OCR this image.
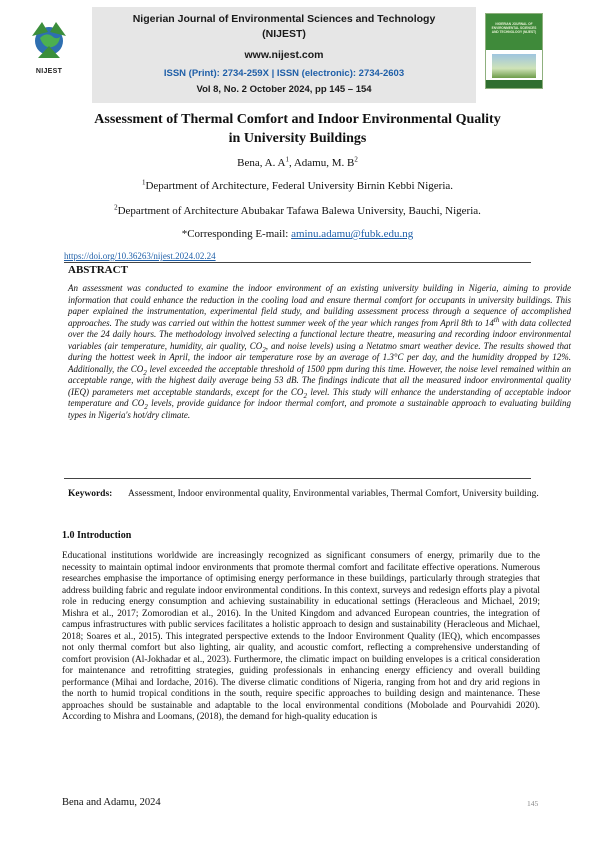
NIJEST
Nigerian Journal of Environmental Sciences and Technology
(NIJEST)
www.nijest.com
ISSN (Print): 2734-259X | ISSN (electronic): 2734-2603
Vol 8, No. 2 October 2024, pp 145 – 154
NIGERIAN JOURNAL OF ENVIRONMENTAL SCIENCES AND TECHNOLOGY (NIJEST)
Assessment of Thermal Comfort and Indoor Environmental Quality
in University Buildings
Bena, A. $A^1$, Adamu, M. $B^2$
$^1$Department of Architecture, Federal University Birnin Kebbi Nigeria.
$^2$Department of Architecture Abubakar Tafawa Balewa University, Bauchi, Nigeria.
*Corresponding E-mail: aminu.adamu@fubk.edu.ng
https://doi.org/10.36263/nijest.2024.02.24
ABSTRACT
An assessment was conducted to examine the indoor environment of an existing university building in Nigeria, aiming to provide information that could enhance the reduction in the cooling load and ensure thermal comfort for occupants in university buildings. This paper explained the instrumentation, experimental field study, and building assessment process through a sequence of accomplished approaches. The study was carried out within the hottest summer week of the year which ranges from April 8th to 14th with data collected over the 24 daily hours. The methodology involved selecting a functional lecture theatre, measuring and recording indoor environmental variables (air temperature, humidity, air quality, $CO_2$, and noise levels) using a Netatmo smart weather device. The results showed that during the hottest week in April, the indoor air temperature rose by an average of 1.3°C per day, and the humidity dropped by 12%. Additionally, the $CO_2$ level exceeded the acceptable threshold of 1500 ppm during this time. However, the noise level remained within an acceptable range, with the highest daily average being 53 dB. The findings indicate that all the measured indoor environmental quality (IEQ) parameters met acceptable standards, except for the $CO_2$ level. This study will enhance the understanding of acceptable indoor temperature and $CO_2$ levels, provide guidance for indoor thermal comfort, and promote a sustainable approach to evaluating building types in Nigeria's hot/dry climate.
Keywords: Assessment, Indoor environmental quality, Environmental variables, Thermal Comfort, University building.
1.0 Introduction
Educational institutions worldwide are increasingly recognized as significant consumers of energy, primarily due to the necessity to maintain optimal indoor environments that promote thermal comfort and facilitate effective operations. Numerous researches emphasise the importance of optimising energy performance in these buildings, particularly through strategies that address building fabric and regulate indoor environmental conditions. In this context, surveys and redesign efforts play a pivotal role in reducing energy consumption and achieving sustainability in educational settings (Heracleous and Michael, 2019; Mishra et al., 2017; Zomorodian et al., 2016). In the United Kingdom and advanced European countries, the integration of campus infrastructures with public services facilitates a holistic approach to design and sustainability (Heracleous and Michael, 2018; Soares et al., 2015). This integrated perspective extends to the Indoor Environment Quality (IEQ), which encompasses not only thermal comfort but also lighting, air quality, and acoustic comfort, reflecting a comprehensive understanding of comfort provision (Al-Jokhadar et al., 2023). Furthermore, the climatic impact on building envelopes is a critical consideration for maintenance and retrofitting strategies, guiding professionals in enhancing energy efficiency and overall building performance (Mihai and Iordache, 2016). The diverse climatic conditions of Nigeria, ranging from hot and dry arid regions in the north to humid tropical conditions in the south, require specific approaches to building design and maintenance. These approaches should be sustainable and adaptable to the local environmental conditions (Mobolade and Pourvahidi 2020). According to Mishra and Loomans, (2018), the demand for high-quality education is
Bena and Adamu, 2024	145
